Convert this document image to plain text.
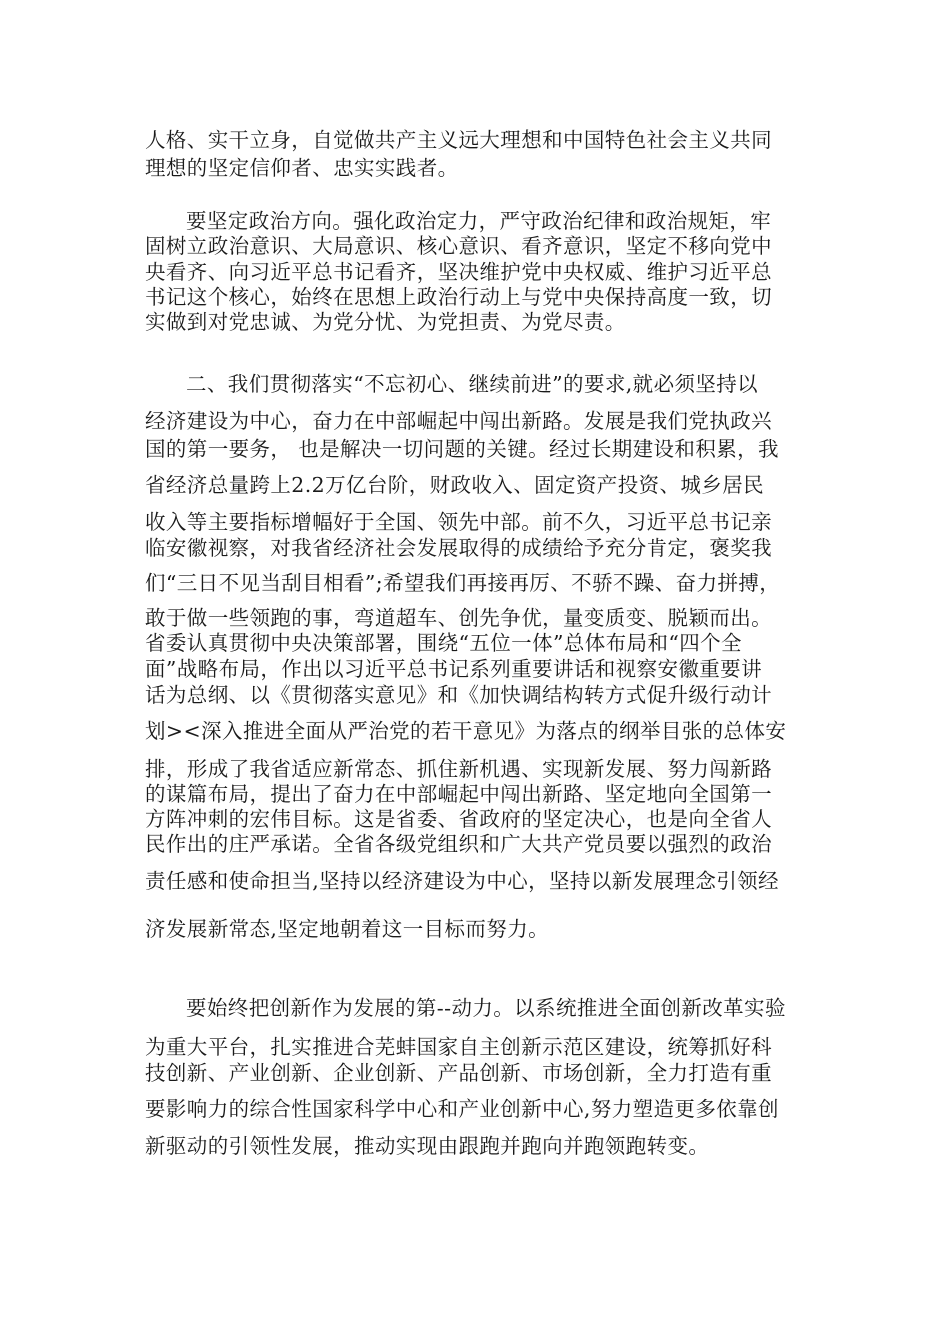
人格、实干立身，自觉做共产主义远大理想和中国特色社会主义共同
理想的坚定信仰者、忠实实践者。
要坚定政治方向。强化政治定力，严守政治纪律和政治规矩，牢
固树立政治意识、大局意识、核心意识、看齐意识，坚定不移向党中
央看齐、向习近平总书记看齐，坚决维护党中央权威、维护习近平总
书记这个核心，始终在思想上政治行动上与党中央保持高度一致，切
实做到对党忠诚、为党分忧、为党担责、为党尽责。
二、我们贯彻落实“不忘初心、继续前进”的要求,就必须坚持以
经济建设为中心，奋力在中部崛起中闯出新路。发展是我们党执政兴
国的第一要务， 也是解决一切问题的关键。经过长期建设和积累，我
省经济总量跨上2.2万亿台阶，财政收入、固定资产投资、城乡居民
收入等主要指标增幅好于全国、领先中部。前不久，习近平总书记亲
临安徽视察，对我省经济社会发展取得的成绩给予充分肯定，褒奖我
们“三日不见当刮目相看”;希望我们再接再厉、不骄不躁、奋力拼搏，
敢于做一些领跑的事，弯道超车、创先争优，量变质变、脱颖而出。
省委认真贯彻中央决策部署，围绕“五位一体”总体布局和“四个全
面”战略布局，作出以习近平总书记系列重要讲话和视察安徽重要讲
话为总纲、以《贯彻落实意见》和《加快调结构转方式促升级行动计
划><深入推进全面从严治党的若干意见》为落点的纲举目张的总体安
排，形成了我省适应新常态、抓住新机遇、实现新发展、努力闯新路
的谋篇布局，提出了奋力在中部崛起中闯出新路、坚定地向全国第一
方阵冲刺的宏伟目标。这是省委、省政府的坚定决心，也是向全省人
民作出的庄严承诺。全省各级党组织和广大共产党员要以强烈的政治
责任感和使命担当,坚持以经济建设为中心，坚持以新发展理念引领经
济发展新常态,坚定地朝着这一目标而努力。
要始终把创新作为发展的第--动力。以系统推进全面创新改革实验
为重大平台，扎实推进合芜蚌国家自主创新示范区建设，统筹抓好科
技创新、产业创新、企业创新、产品创新、市场创新，全力打造有重
要影响力的综合性国家科学中心和产业创新中心,努力塑造更多依靠创
新驱动的引领性发展，推动实现由跟跑并跑向并跑领跑转变。
